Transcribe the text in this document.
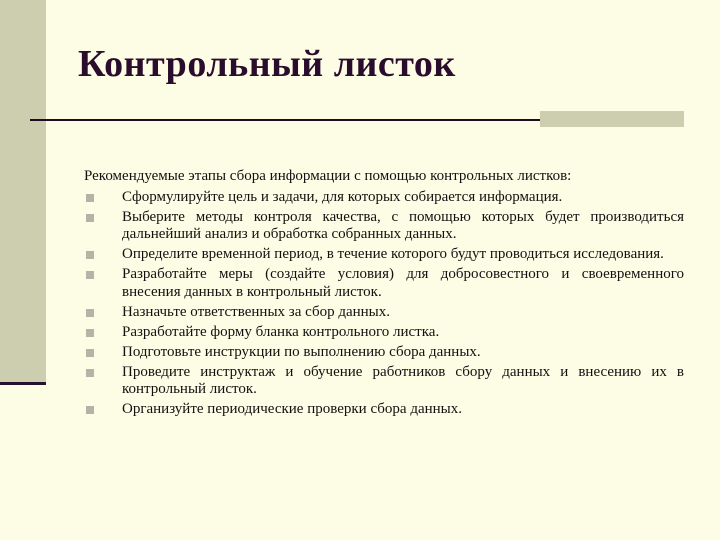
Контрольный листок

Рекомендуемые этапы сбора информации с помощью контрольных листков:

Сформулируйте цель и задачи, для которых собирается информация.
Выберите методы контроля качества, с помощью которых будет производиться дальнейший анализ и обработка собранных данных.
Определите временной период, в течение которого будут проводиться исследования.
Разработайте меры (создайте условия) для добросовестного и своевременного внесения данных в контрольный листок.
Назначьте ответственных за сбор данных.
Разработайте форму бланка контрольного листка.
Подготовьте инструкции по выполнению сбора данных.
Проведите инструктаж и обучение работников сбору данных и внесению их в контрольный листок.
Организуйте периодические проверки сбора данных.
